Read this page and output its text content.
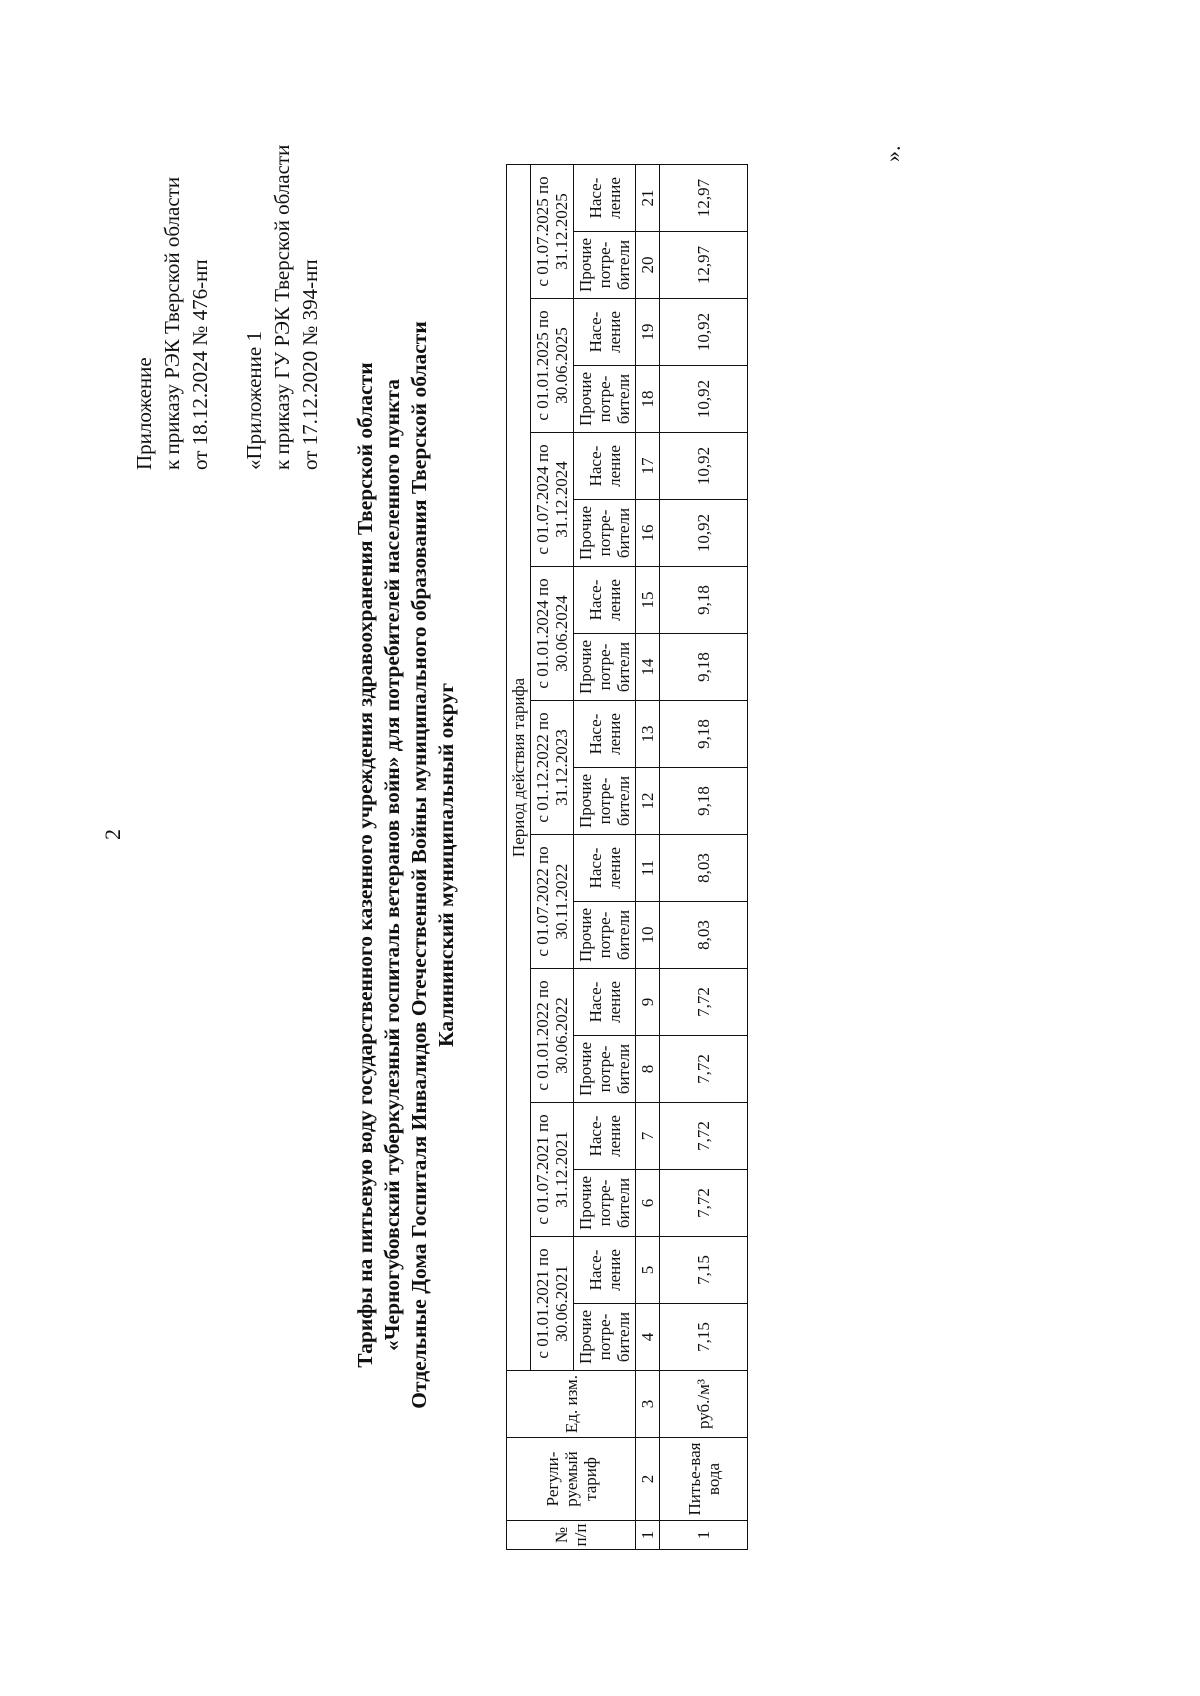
2
Приложение к приказу РЭК Тверской области от 18.12.2024 № 476-нп «Приложение 1 к приказу ГУ РЭК Тверской области от 17.12.2020 № 394-нп Тарифы на питьевую воду государственного казенного учреждения здравоохранения Тверской области «Черногубовский туберкулезный госпиталь ветеранов войн» для потребителей населенного пункта Отдельные Дома Госпиталя Инвалидов Отечественной Войны муниципального образования Тверской области Калининский муниципальный округ
№ п/п	Регули-руемый тариф	Ед. изм.	Период действия тарифа																	
			с 01.01.2021 по 30.06.2021		с 01.07.2021 по 31.12.2021		с 01.01.2022 по 30.06.2022		с 01.07.2022 по 30.11.2022		с 01.12.2022 по 31.12.2023		с 01.01.2024 по 30.06.2024		с 01.07.2024 по 31.12.2024		с 01.01.2025 по 30.06.2025		с 01.07.2025 по 31.12.2025	
			Прочие потре-бители	Насе-ление	Прочие потре-бители	Насе-ление	Прочие потре-бители	Насе-ление	Прочие потре-бители	Насе-ление	Прочие потре-бители	Насе-ление	Прочие потре-бители	Насе-ление	Прочие потре-бители	Насе-ление	Прочие потре-бители	Насе-ление	Прочие потре-бители	Насе-ление
1	2	3	4	5	6	7	8	9	10	11	12	13	14	15	16	17	18	19	20	21
1	Питье-вая вода	руб./м³	7,15	7,15	7,72	7,72	7,72	7,72	8,03	8,03	9,18	9,18	9,18	9,18	10,92	10,92	10,92	10,92	12,97	12,97
».
